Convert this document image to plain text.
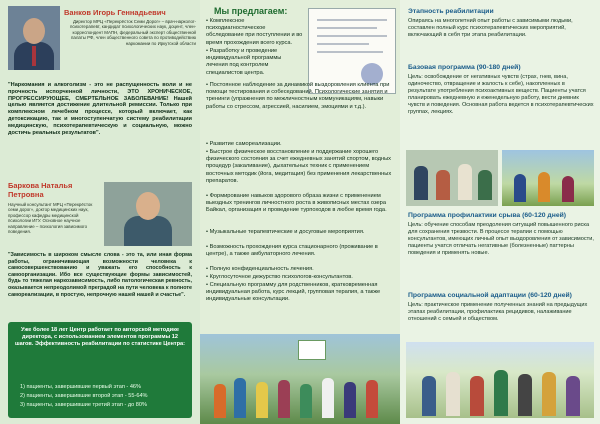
Ванков Игорь Геннадьевич
Директор МРЦ «Перекрёсток Семи Дорог» – врач-нарколог-психотерапевт, кандидат психологических наук, доцент, член-корреспондент МАПН, федеральный эксперт общественной палаты РФ, член общественного совета по противодействию наркомании по Иркутской области
"Наркомания и алкоголизм - это не распущенность воли и не прочность испорченной личности, ЭТО ХРОНИЧЕСКОЕ, ПРОГРЕССИРУЮЩЕЕ, СМЕРТЕЛЬНОЕ ЗАБОЛЕВАНИЕ! Нашей целью является достижение длительной ремиссии. Только при комплексном лечебном процессе, который включает, как детоксикацию, так и многоступенчатую систему реабилитации медицинскую, психотерапевтическую и социальную, можно достичь реальных результатов".
Баркова Наталья Петровна
Научный консультант МРЦ «Перекрёсток семи дорог», доктор медицинских наук, профессор кафедры медицинской психологии ИГУ. Основное научное направление – психология зависимого поведения.
"Зависимость в широком смысле слова - это та, или иная форма работы, ограничивающая возможности человека к самосовершенствованию и уважать его способность к самоорганизации. Ибо все существующие формы зависимостей, будь то тяжелая наркозависимость, либо патологическая ревность, оказывается непреодолимой преградой на пути человека к полноте самореализации, в простую, непрочную нашей нашей и счастье".
Уже более 18 лет Центр работает по авторской методике директора, с использованием элементов программы 12 шагов. Эффективность реабилитации по статистике Центра:
1) пациенты, завершившие первый этап - 46%
2) пациенты, завершившие второй этап - 55-64%
3) пациенты, завершившие третий этап - до 80%
Мы предлагаем:
• Комплексное психодиагностическое обследование при поступлении и во время прохождения всего курса.
• Разработку и проведение индивидуальной программы лечения под контролем специалистов центра.
• Постоянное наблюдение за динамикой выздоровления клиента при помощи тестирования и собеседований. Психологические занятия и тренинги (упражнения по межличностным коммуникациям, навыки работы со стрессом, агрессией, насилием, эмоциями и т.д.).
• Развитие самореализации.
• Быстрое физическое восстановление и поддержание хорошего физического состояния за счет ежедневных занятий спортом, водных процедур (закаливание), дыхательных техник с применением восточных методик (йога, медитация) без применения лекарственных препаратов.
• Формирование навыков здорового образа жизни с применением выездных тренингов личностного роста в живописных местах озера Байкал, организация и проведение турпоходов в любое время года.
• Музыкальные терапевтические и досуговые мероприятия.
• Возможность прохождения курса стационарного (проживание в центре), а также амбулаторного лечения.
• Полную конфиденциальность лечения.
• Круглосуточное дежурство психологов-консультантов.
• Специальную программу для родственников, кратковременная индивидуальная работа, курс лекций, групповая терапия, а также индивидуальные консультации.
Этапность реабилитации
Опираясь на многолетний опыт работы с зависимыми людьми, составлен полный курс психотерапевтических мероприятий, включающий в себя три этапа реабилитации.
Базовая программа (90-180 дней)
Цель: освобождение от негативных чувств (страх, гнев, вина, одиночество, отвращение и жалость к себе), накопленных в результате употребления психоактивных веществ. Пациенты учатся планировать ежедневную и еженедельную работу, вести дневник чувств и поведения. Основная работа ведется в психотерапевтических группах, лекциях.
Программа профилактики срыва (60-120 дней)
Цель: обучение способам преодоления ситуаций повышенного риска для сохранения трезвости. В процессе терапии с помощью консультантов, имеющих личный опыт выздоровления от зависимости, пациенты учатся отличать негативные (болезненные) паттерны поведения и применять новые.
Программа социальной адаптации (60-120 дней)
Цель: практическое применение полученных знаний на предыдущих этапах реабилитации, профилактика рецидивов, налаживание отношений с семьей и обществом.
